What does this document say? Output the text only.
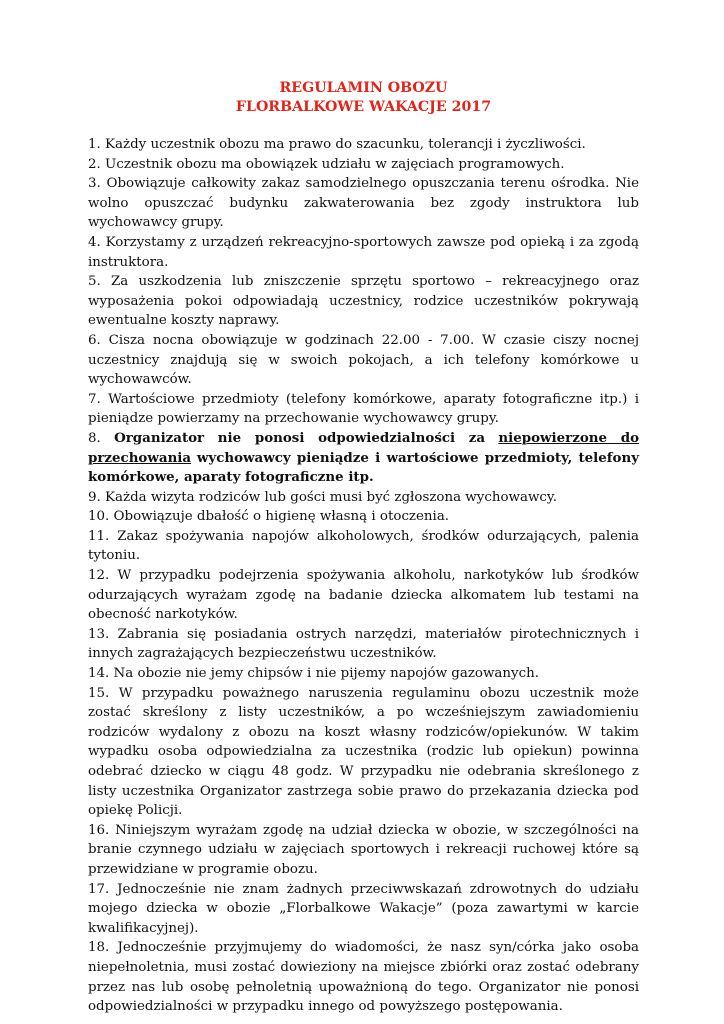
REGULAMIN OBOZU

FLORBALKOWE WAKACJE 2017

1. Każdy uczestnik obozu ma prawo do szacunku, tolerancji i życzliwości.

2. Uczestnik obozu ma obowiązek udziału w zajęciach programowych.

3. Obowiązuje całkowity zakaz samodzielnego opuszczania terenu ośrodka. Nie wolno opuszczać budynku zakwaterowania bez zgody instruktora lub wychowawcy grupy.

4. Korzystamy z urządzeń rekreacyjno-sportowych zawsze pod opieką i za zgodą instruktora.

5. Za uszkodzenia lub zniszczenie sprzętu sportowo – rekreacyjnego oraz wyposażenia pokoi odpowiadają uczestnicy, rodzice uczestników pokrywają ewentualne koszty naprawy.

6. Cisza nocna obowiązuje w godzinach 22.00 - 7.00. W czasie ciszy nocnej uczestnicy znajdują się w swoich pokojach, a ich telefony komórkowe u wychowawców.

7. Wartościowe przedmioty (telefony komórkowe, aparaty fotograficzne itp.) i pieniądze powierzamy na przechowanie wychowawcy grupy.

8. Organizator nie ponosi odpowiedzialności za niepowierzone do przechowania wychowawcy pieniądze i wartościowe przedmioty, telefony komórkowe, aparaty fotograficzne itp.

9. Każda wizyta rodziców lub gości musi być zgłoszona wychowawcy.

10. Obowiązuje dbałość o higienę własną i otoczenia.

11. Zakaz spożywania napojów alkoholowych, środków odurzających, palenia tytoniu.

12. W przypadku podejrzenia spożywania alkoholu, narkotyków lub środków odurzających wyrażam zgodę na badanie dziecka alkomatem lub testami na obecność narkotyków.

13. Zabrania się posiadania ostrych narzędzi, materiałów pirotechnicznych i innych zagrażających bezpieczeństwu uczestników.

14. Na obozie nie jemy chipsów i nie pijemy napojów gazowanych.

15. W przypadku poważnego naruszenia regulaminu obozu uczestnik może zostać skreślony z listy uczestników, a po wcześniejszym zawiadomieniu rodziców wydalony z obozu na koszt własny rodziców/opiekunów. W takim wypadku osoba odpowiedzialna za uczestnika (rodzic lub opiekun) powinna odebrać dziecko w ciągu 48 godz. W przypadku nie odebrania skreślonego z listy uczestnika Organizator zastrzega sobie prawo do przekazania dziecka pod opiekę Policji.

16. Niniejszym wyrażam zgodę na udział dziecka w obozie, w szczególności na branie czynnego udziału w zajęciach sportowych i rekreacji ruchowej które są przewidziane w programie obozu.

17. Jednocześnie nie znam żadnych przeciwwskazań zdrowotnych do udziału mojego dziecka w obozie „Florbalkowe Wakacje” (poza zawartymi w karcie kwalifikacyjnej).

18. Jednocześnie przyjmujemy do wiadomości, że nasz syn/córka jako osoba niepełnoletnia, musi zostać dowieziony na miejsce zbiórki oraz zostać odebrany przez nas lub osobę pełnoletnią upoważnioną do tego. Organizator nie ponosi odpowiedzialności w przypadku innego od powyższego postępowania.
